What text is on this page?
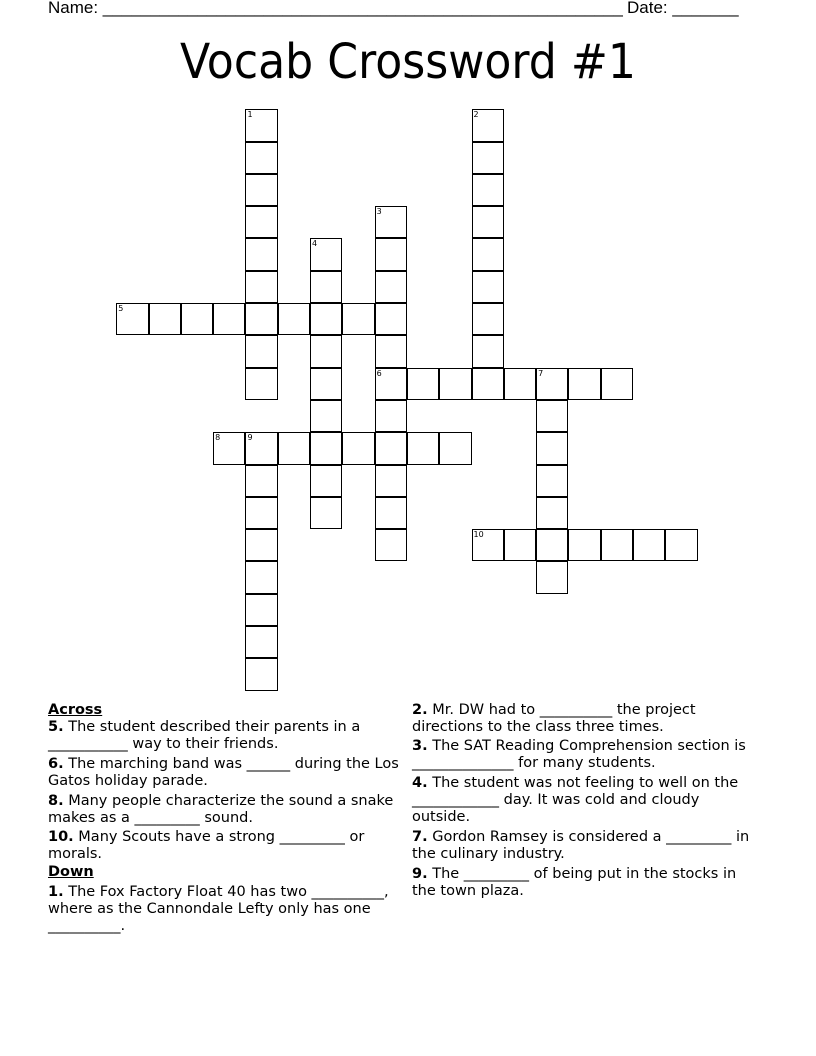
Name: _______________________________________________________ Date: _______
Vocab Crossword #1
1	2
3
6
4
5
7
8	9
10
Across
5. The student described their parents in a ___________ way to their friends.
6. The marching band was ______ during the Los Gatos holiday parade.
8. Many people characterize the sound a snake makes as a _________ sound.
10. Many Scouts have a strong _________ or morals.
Down
1. The Fox Factory Float 40 has two __________, where as the Cannondale Lefty only has one __________.
2. Mr. DW had to __________ the project directions to the class three times.
3. The SAT Reading Comprehension section is ______________ for many students.
4. The student was not feeling to well on the ____________ day. It was cold and cloudy outside.
7. Gordon Ramsey is considered a _________ in the culinary industry.
9. The _________ of being put in the stocks in the town plaza.
